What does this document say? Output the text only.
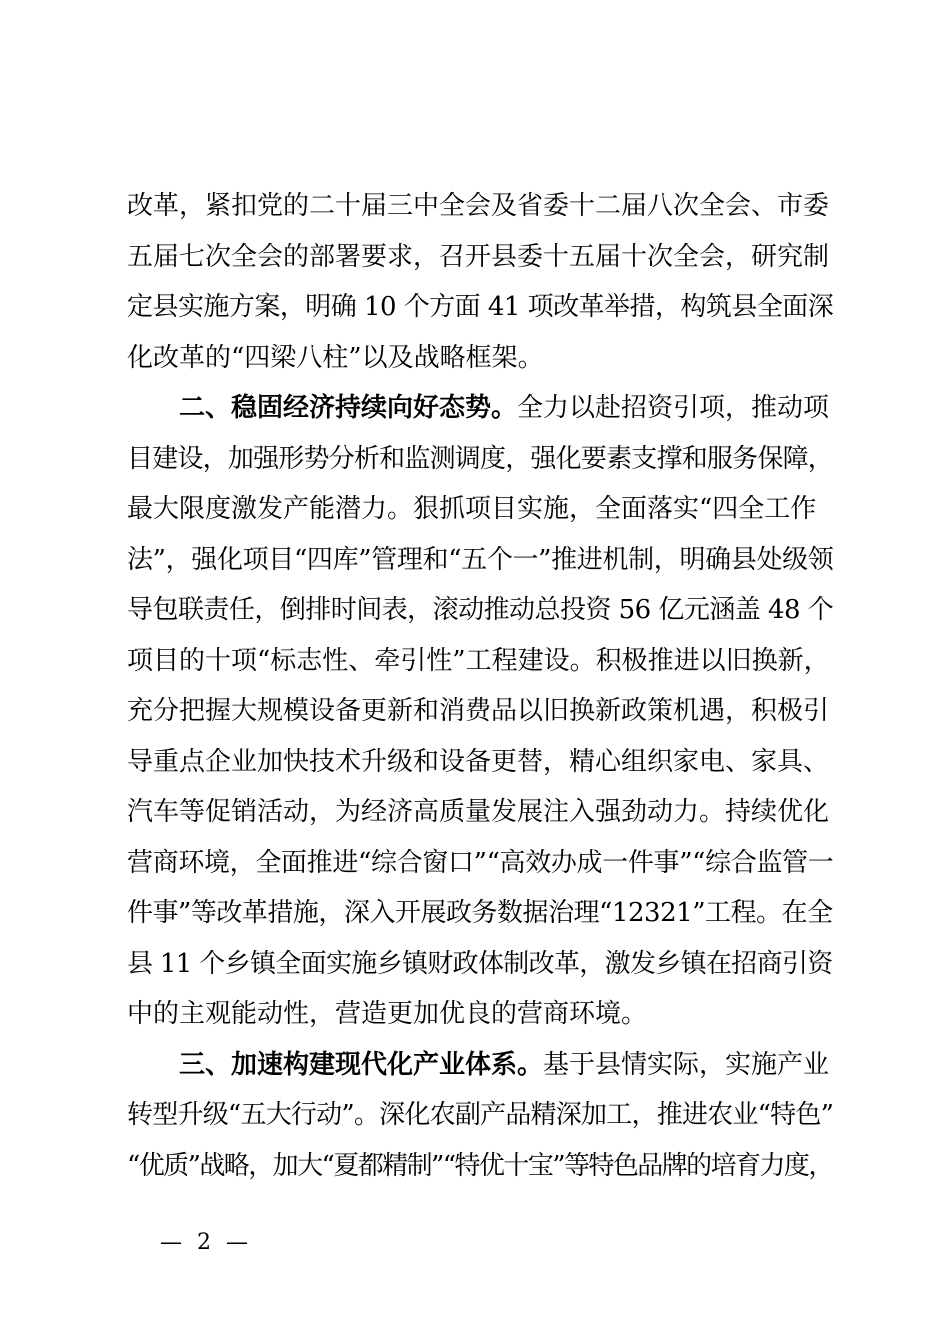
改革，紧扣党的二十届三中全会及省委十二届八次全会、市委
五届七次全会的部署要求，召开县委十五届十次全会，研究制
定县实施方案，明确 10 个方面 41 项改革举措，构筑县全面深
化改革的“四梁八柱”以及战略框架。
　　二、稳固经济持续向好态势。全力以赴招资引项，推动项
目建设，加强形势分析和监测调度，强化要素支撑和服务保障，
最大限度激发产能潜力。狠抓项目实施，全面落实“四全工作
法”，强化项目“四库”管理和“五个一”推进机制，明确县处级领
导包联责任，倒排时间表，滚动推动总投资 56 亿元涵盖 48 个
项目的十项“标志性、牵引性”工程建设。积极推进以旧换新，
充分把握大规模设备更新和消费品以旧换新政策机遇，积极引
导重点企业加快技术升级和设备更替，精心组织家电、家具、
汽车等促销活动，为经济高质量发展注入强劲动力。持续优化
营商环境，全面推进“综合窗口”“高效办成一件事”“综合监管一
件事”等改革措施，深入开展政务数据治理“12321”工程。在全
县 11 个乡镇全面实施乡镇财政体制改革，激发乡镇在招商引资
中的主观能动性，营造更加优良的营商环境。
　　三、加速构建现代化产业体系。基于县情实际，实施产业
转型升级“五大行动”。深化农副产品精深加工，推进农业“特色”
“优质”战略，加大“夏都精制”“特优十宝”等特色品牌的培育力度，
— 2 —
